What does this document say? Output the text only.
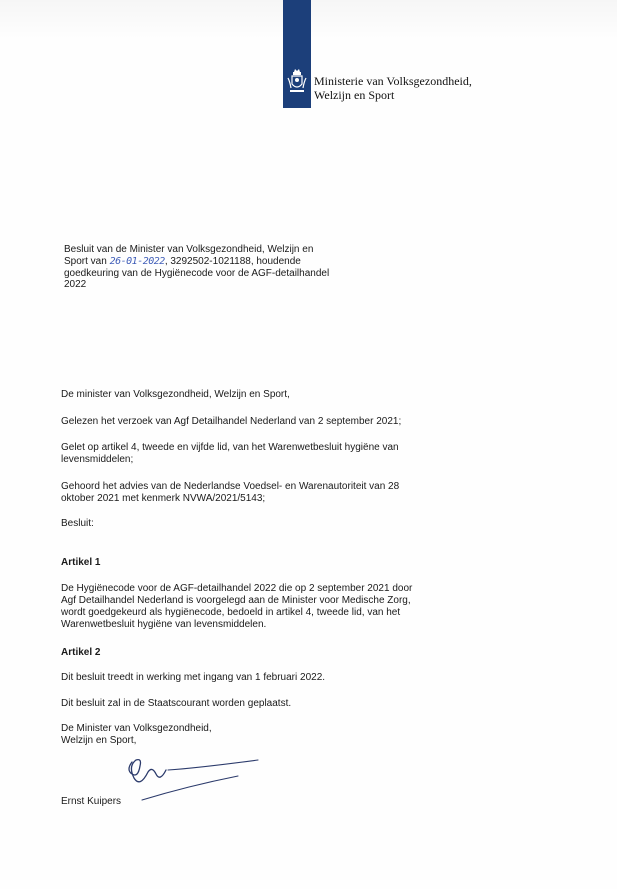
Ministerie van Volksgezondheid,
Welzijn en Sport
Besluit van de Minister van Volksgezondheid, Welzijn en
Sport van 26-01-2022, 3292502-1021188, houdende
goedkeuring van de Hygiënecode voor de AGF-detailhandel
2022
De minister van Volksgezondheid, Welzijn en Sport,
Gelezen het verzoek van Agf Detailhandel Nederland van 2 september 2021;
Gelet op artikel 4, tweede en vijfde lid, van het Warenwetbesluit hygiëne van
levensmiddelen;
Gehoord het advies van de Nederlandse Voedsel- en Warenautoriteit van 28
oktober 2021 met kenmerk NVWA/2021/5143;
Besluit:
Artikel 1
De Hygiënecode voor de AGF-detailhandel 2022 die op 2 september 2021 door
Agf Detailhandel Nederland is voorgelegd aan de Minister voor Medische Zorg,
wordt goedgekeurd als hygiënecode, bedoeld in artikel 4, tweede lid, van het
Warenwetbesluit hygiëne van levensmiddelen.
Artikel 2
Dit besluit treedt in werking met ingang van 1 februari 2022.
Dit besluit zal in de Staatscourant worden geplaatst.
De Minister van Volksgezondheid,
Welzijn en Sport,
Ernst Kuipers
